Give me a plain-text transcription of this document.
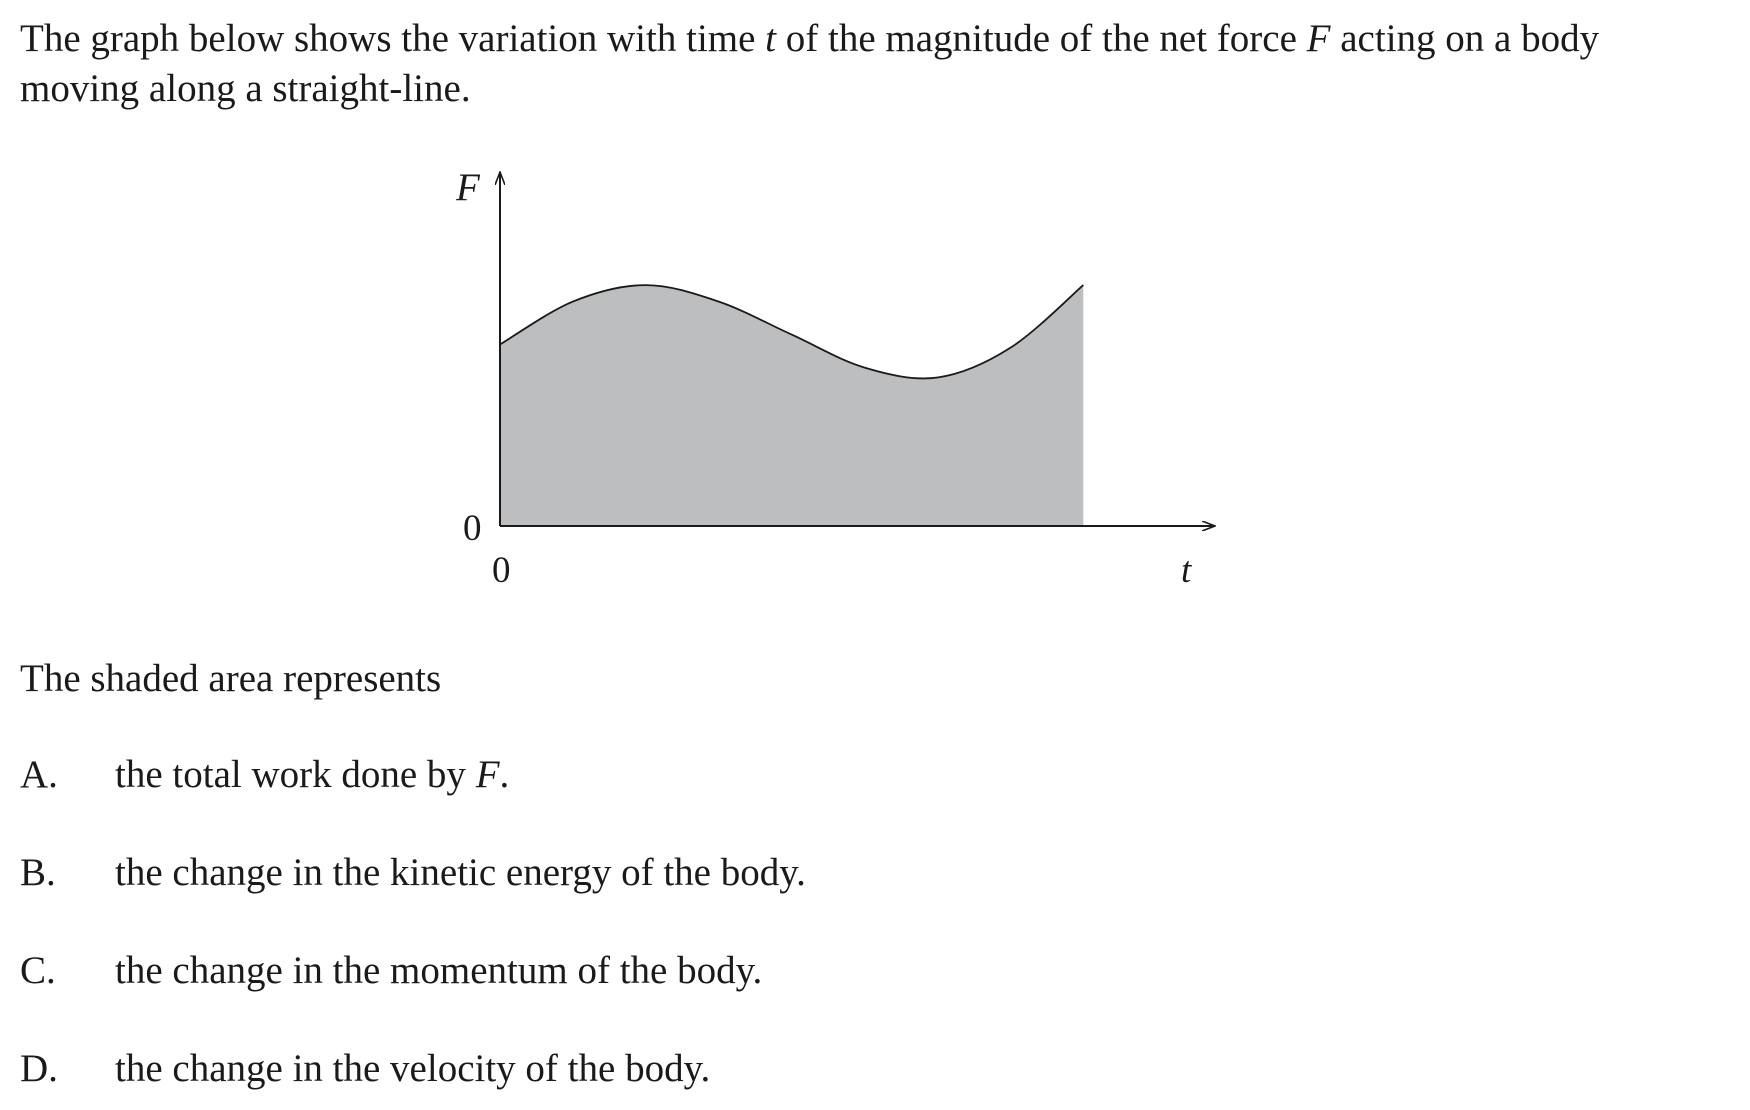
The graph below shows the variation with time t of the magnitude of the net force F acting on a body moving along a straight-line.
F
0
0	t
The shaded area represents
A. the total work done by F.
B. the change in the kinetic energy of the body.
C. the change in the momentum of the body.
D. the change in the velocity of the body.
